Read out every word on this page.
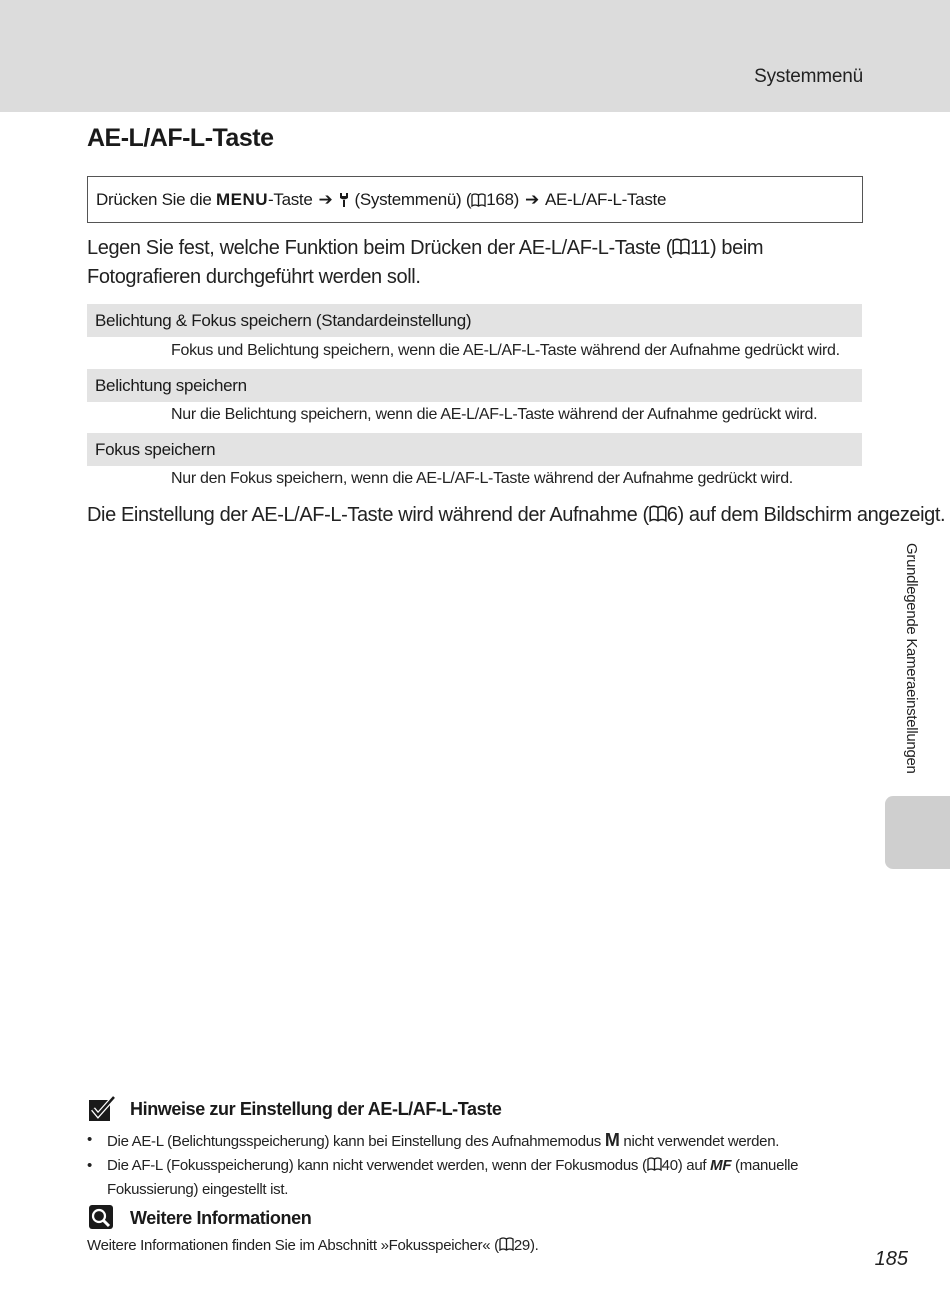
Systemmenü
AE-L/AF-L-Taste
Drücken Sie die
MENU -Taste ➔ (Systemmenü) ( 168) ➔ AE-L/AF-L-Taste

Legen Sie fest, welche Funktion beim Drücken der AE-L/AF-L-Taste ( 11) beim Fotografieren durchgeführt werden soll.

Belichtung & Fokus speichern (Standardeinstellung)
Fokus und Belichtung speichern, wenn die AE-L/AF-L-Taste während der Aufnahme gedrückt wird.
Belichtung speichern
Nur die Belichtung speichern, wenn die AE-L/AF-L-Taste während der Aufnahme gedrückt wird.
Fokus speichern
Nur den Fokus speichern, wenn die AE-L/AF-L-Taste während der Aufnahme gedrückt wird.
Die Einstellung der AE-L/AF-L-Taste wird während der Aufnahme ( 6) auf dem Bildschirm angezeigt.
Grundlegende Kameraeinstellungen
Hinweise zur Einstellung der AE-L/AF-L-Taste
• Die AE-L (Belichtungsspeicherung) kann bei Einstellung des Aufnahmemodus M nicht verwendet werden.
• Die AF-L (Fokusspeicherung) kann nicht verwendet werden, wenn der Fokusmodus ( 40) auf MF (manuelle Fokussierung) eingestellt ist.
Weitere Informationen
Weitere Informationen finden Sie im Abschnitt »Fokusspeicher« ( 29).
185
